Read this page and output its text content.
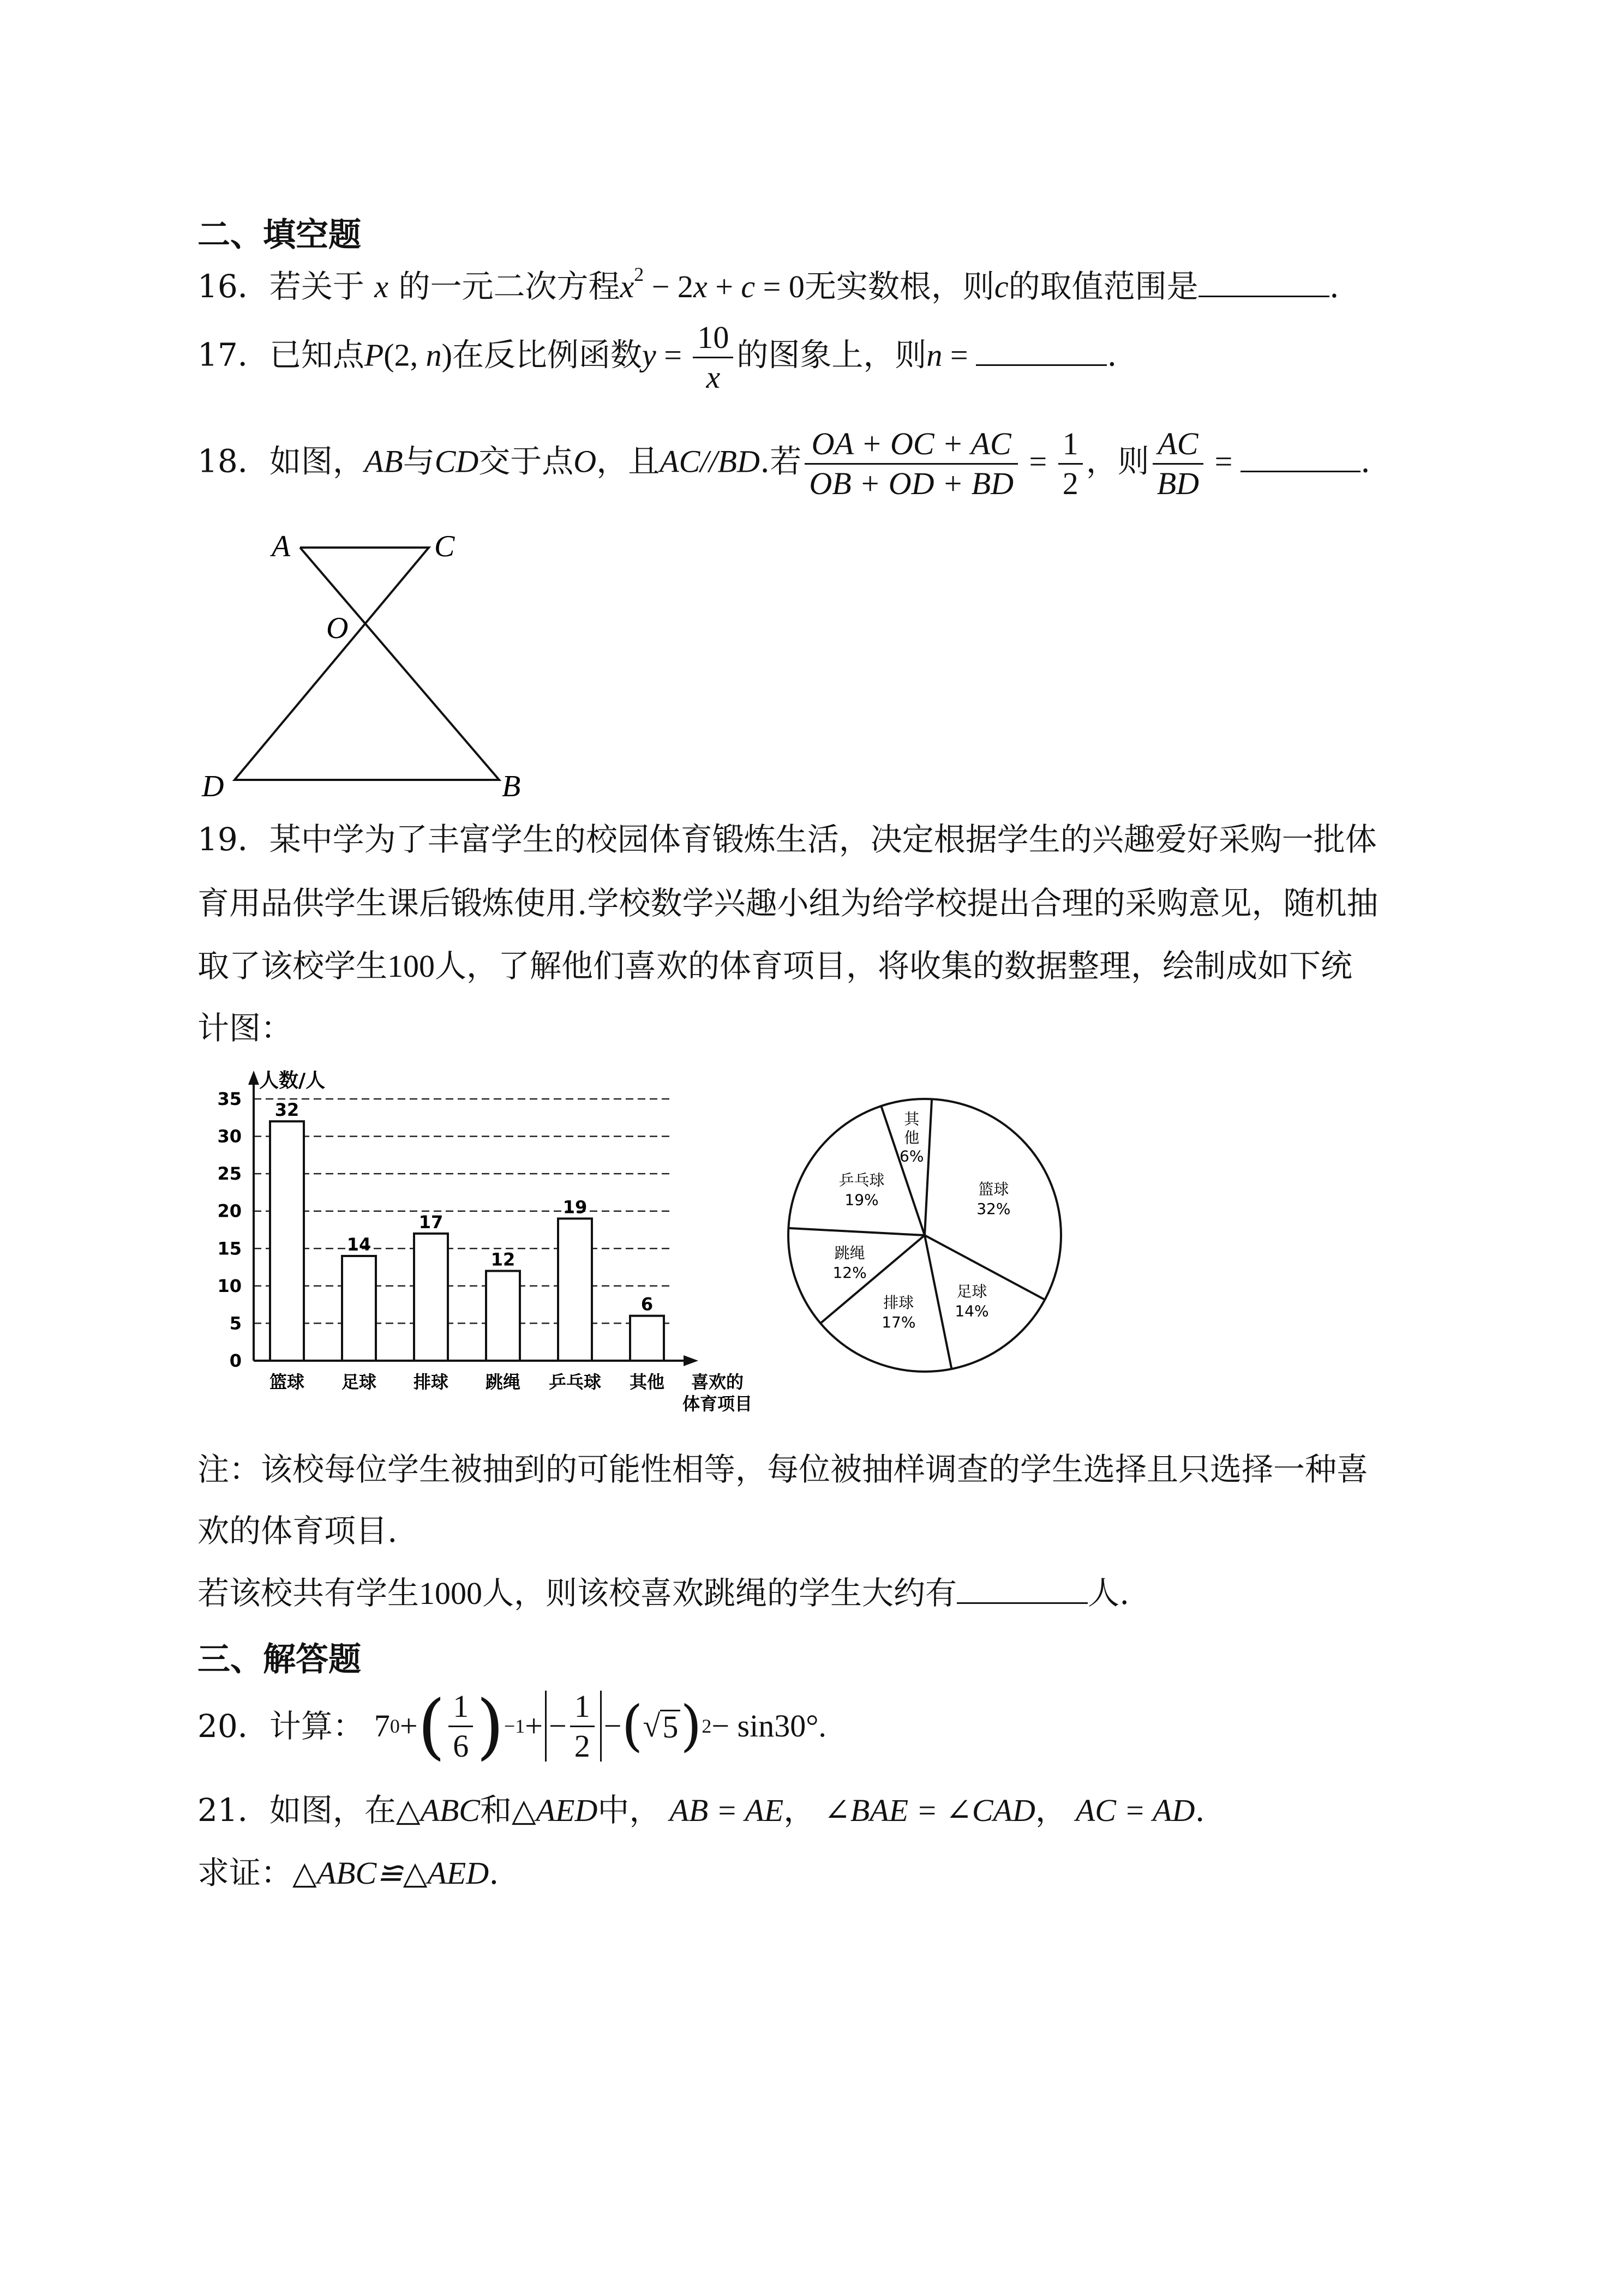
二、填空题
16．若关于 x 的一元二次方程$x^2 - 2x + c = 0$无实数根，则c的取值范围是	.
17．已知点P(2, n)在反比例函数$y = \frac{10}{x}$ 的图象上，则n =	.
18．如图，AB与CD交于点O，且AC//BD.若 $\frac{OA + OC + AC}{OB + OD + BD} = \frac{1}{2}$ ，则 $\frac{AC}{BD}$ =	.
A	C
O
D	B
19．某中学为了丰富学生的校园体育锻炼生活，决定根据学生的兴趣爱好采购一批体
育用品供学生课后锻炼使用.学校数学兴趣小组为给学校提出合理的采购意见，随机抽
取了该校学生100人，了解他们喜欢的体育项目，将收集的数据整理，绘制成如下统
计图：
0
5
10
15
20
25
30
35
32
14
17
12
19
6
篮球 足球 排球 跳绳 乒乓球 其他
人数/人
喜欢的
体育项目
篮球
32%
足球
14%
排球
17%
跳绳
12%
乒乓球
19%
其
他
6%
注：该校每位学生被抽到的可能性相等，每位被抽样调查的学生选择且只选择一种喜
欢的体育项目.
若该校共有学生1000人，则该校喜欢跳绳的学生大约有	人.
三、解答题
20． 计算： 7 0 + ( $\frac{1}{6}$ ) −1 + − $\frac{1}{2}$ − ( √ 5 ) 2 − sin30°.
21．如图，在△ABC和△AED中， AB = AE， ∠BAE = ∠CAD， AC = AD.
求证：△ABC≌△AED.
